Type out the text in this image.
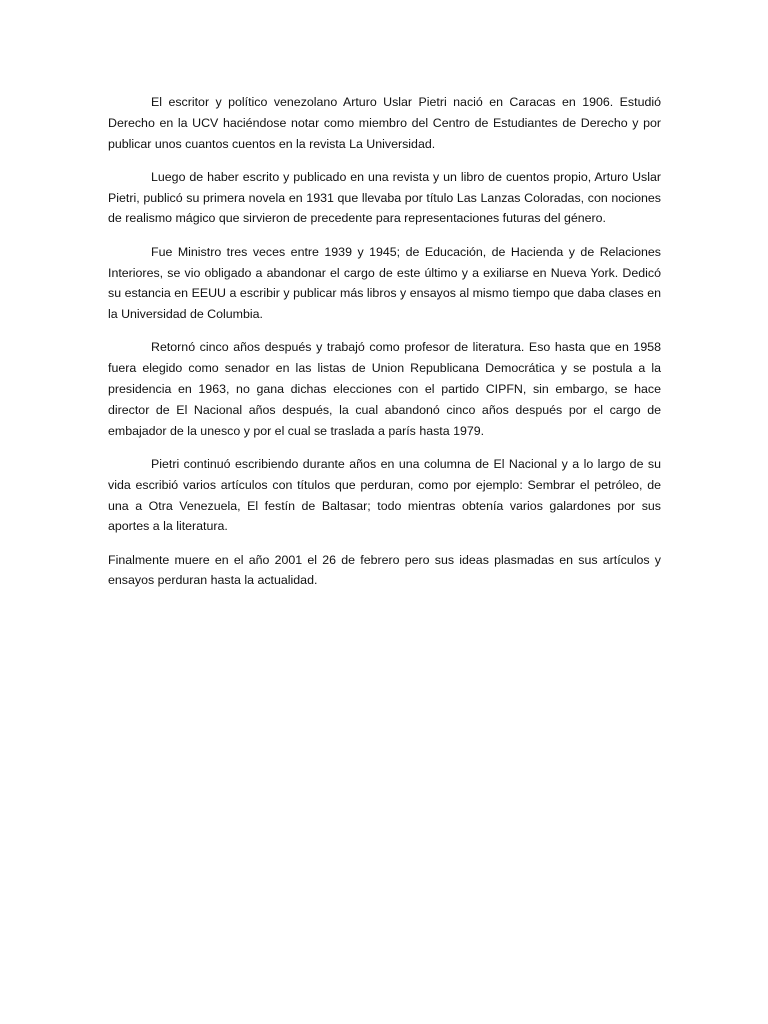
El escritor y político venezolano Arturo Uslar Pietri nació en Caracas en 1906. Estudió Derecho en la UCV haciéndose notar como miembro del Centro de Estudiantes de Derecho y por publicar unos cuantos cuentos en la revista La Universidad.

Luego de haber escrito y publicado en una revista y un libro de cuentos propio, Arturo Uslar Pietri, publicó su primera novela en 1931 que llevaba por título Las Lanzas Coloradas, con nociones de realismo mágico que sirvieron de precedente para representaciones futuras del género.

Fue Ministro tres veces entre 1939 y 1945; de Educación, de Hacienda y de Relaciones Interiores, se vio obligado a abandonar el cargo de este último y a exiliarse en Nueva York. Dedicó su estancia en EEUU a escribir y publicar más libros y ensayos al mismo tiempo que daba clases en la Universidad de Columbia.

Retornó cinco años después y trabajó como profesor de literatura. Eso hasta que en 1958 fuera elegido como senador en las listas de Union Republicana Democrática y se postula a la presidencia en 1963, no gana dichas elecciones con el partido CIPFN, sin embargo, se hace director de El Nacional años después, la cual abandonó cinco años después por el cargo de embajador de la unesco y por el cual se traslada a parís hasta 1979.

Pietri continuó escribiendo durante años en una columna de El Nacional y a lo largo de su vida escribió varios artículos con títulos que perduran, como por ejemplo: Sembrar el petróleo, de una a Otra Venezuela, El festín de Baltasar; todo mientras obtenía varios galardones por sus aportes a la literatura.

Finalmente muere en el año 2001 el 26 de febrero pero sus ideas plasmadas en sus artículos y ensayos perduran hasta la actualidad.
